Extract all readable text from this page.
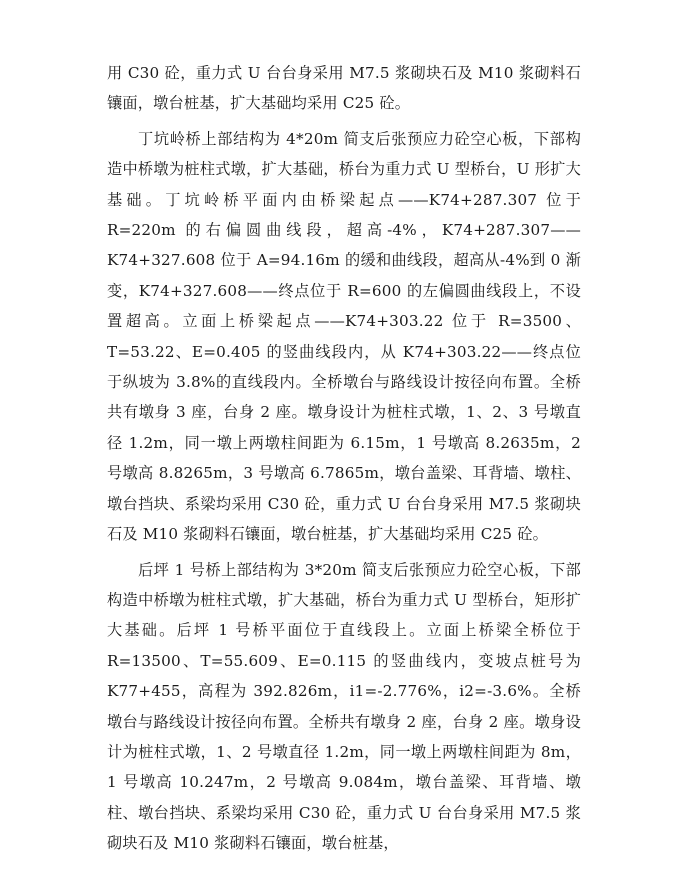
用 C30 砼，重力式 U 台台身采用 M7.5 浆砌块石及 M10 浆砌料石镶面，墩台桩基，扩大基础均采用 C25 砼。

丁坑岭桥上部结构为 4*20m 简支后张预应力砼空心板，下部构造中桥墩为桩柱式墩，扩大基础，桥台为重力式 U 型桥台，U 形扩大基础。丁坑岭桥平面内由桥梁起点——K74+287.307 位于 R=220m 的右偏圆曲线段，超高-4%，K74+287.307——K74+327.608 位于 A=94.16m 的缓和曲线段，超高从-4%到 0 渐变，K74+327.608——终点位于 R=600 的左偏圆曲线段上，不设置超高。立面上桥梁起点——K74+303.22 位于 R=3500、T=53.22、E=0.405 的竖曲线段内，从 K74+303.22——终点位于纵坡为 3.8%的直线段内。全桥墩台与路线设计按径向布置。全桥共有墩身 3 座，台身 2 座。墩身设计为桩柱式墩，1、2、3 号墩直径 1.2m，同一墩上两墩柱间距为 6.15m，1 号墩高 8.2635m，2 号墩高 8.8265m，3 号墩高 6.7865m，墩台盖梁、耳背墙、墩柱、墩台挡块、系梁均采用 C30 砼，重力式 U 台台身采用 M7.5 浆砌块石及 M10 浆砌料石镶面，墩台桩基，扩大基础均采用 C25 砼。

后坪 1 号桥上部结构为 3*20m 简支后张预应力砼空心板，下部构造中桥墩为桩柱式墩，扩大基础，桥台为重力式 U 型桥台，矩形扩大基础。后坪 1 号桥平面位于直线段上。立面上桥梁全桥位于 R=13500、T=55.609、E=0.115 的竖曲线内，变坡点桩号为 K77+455，高程为 392.826m，i1=-2.776%，i2=-3.6%。全桥墩台与路线设计按径向布置。全桥共有墩身 2 座，台身 2 座。墩身设计为桩柱式墩，1、2 号墩直径 1.2m，同一墩上两墩柱间距为 8m，1 号墩高 10.247m，2 号墩高 9.084m，墩台盖梁、耳背墙、墩柱、墩台挡块、系梁均采用 C30 砼，重力式 U 台台身采用 M7.5 浆砌块石及 M10 浆砌料石镶面，墩台桩基，
